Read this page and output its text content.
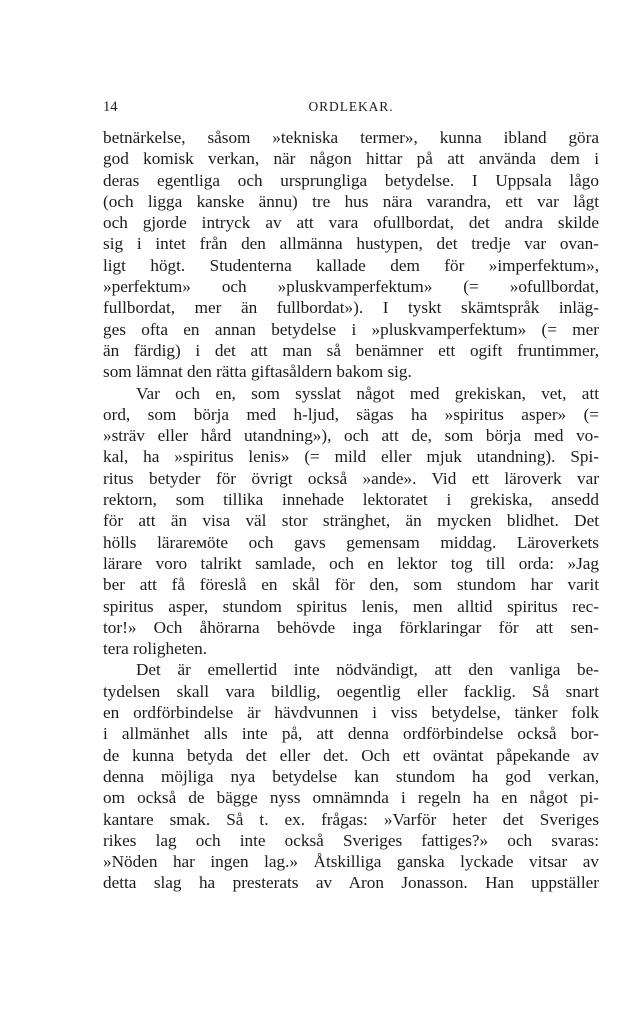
14	ORDLEKAR.
betnärkelse, såsom »tekniska termer», kunna ibland göra
god komisk verkan, när någon hittar på att använda dem i
deras egentliga och ursprungliga betydelse. I Uppsala lågo
(och ligga kanske ännu) tre hus nära varandra, ett var lågt
och gjorde intryck av att vara ofullbordat, det andra skilde
sig i intet från den allmänna hustypen, det tredje var ovan-
ligt högt. Studenterna kallade dem för »imperfektum»,
»perfektum» och »pluskvamperfektum» (= »ofullbordat,
fullbordat, mer än fullbordat»). I tyskt skämtspråk inläg-
ges ofta en annan betydelse i »pluskvamperfektum» (= mer
än färdig) i det att man så benämner ett ogift fruntimmer,
som lämnat den rätta giftasåldern bakom sig.
Var och en, som sysslat något med grekiskan, vet, att
ord, som börja med h-ljud, sägas ha »spiritus asper» (=
»sträv eller hård utandning»), och att de, som börja med vo-
kal, ha »spiritus lenis» (= mild eller mjuk utandning). Spi-
ritus betyder för övrigt också »ande». Vid ett läroverk var
rektorn, som tillika innehade lektoratet i grekiska, ansedd
för att än visa väl stor stränghet, än mycken blidhet. Det
hölls lärarемöte och gavs gemensam middag. Läroverkets
lärare voro talrikt samlade, och en lektor tog till orda: »Jag
ber att få föreslå en skål för den, som stundom har varit
spiritus asper, stundom spiritus lenis, men alltid spiritus rec-
tor!» Och åhörarna behövde inga förklaringar för att sen-
tera roligheten.
Det är emellertid inte nödvändigt, att den vanliga be-
tydelsen skall vara bildlig, oegentlig eller facklig. Så snart
en ordförbindelse är hävdvunnen i viss betydelse, tänker folk
i allmänhet alls inte på, att denna ordförbindelse också bor-
de kunna betyda det eller det. Och ett oväntat påpekande av
denna möjliga nya betydelse kan stundom ha god verkan,
om också de bägge nyss omnämnda i regeln ha en något pi-
kantare smak. Så t. ex. frågas: »Varför heter det Sveriges
rikes lag och inte också Sveriges fattiges?» och svaras:
»Nöden har ingen lag.» Åtskilliga ganska lyckade vitsar av
detta slag ha presterats av Aron Jonasson. Han uppställer
